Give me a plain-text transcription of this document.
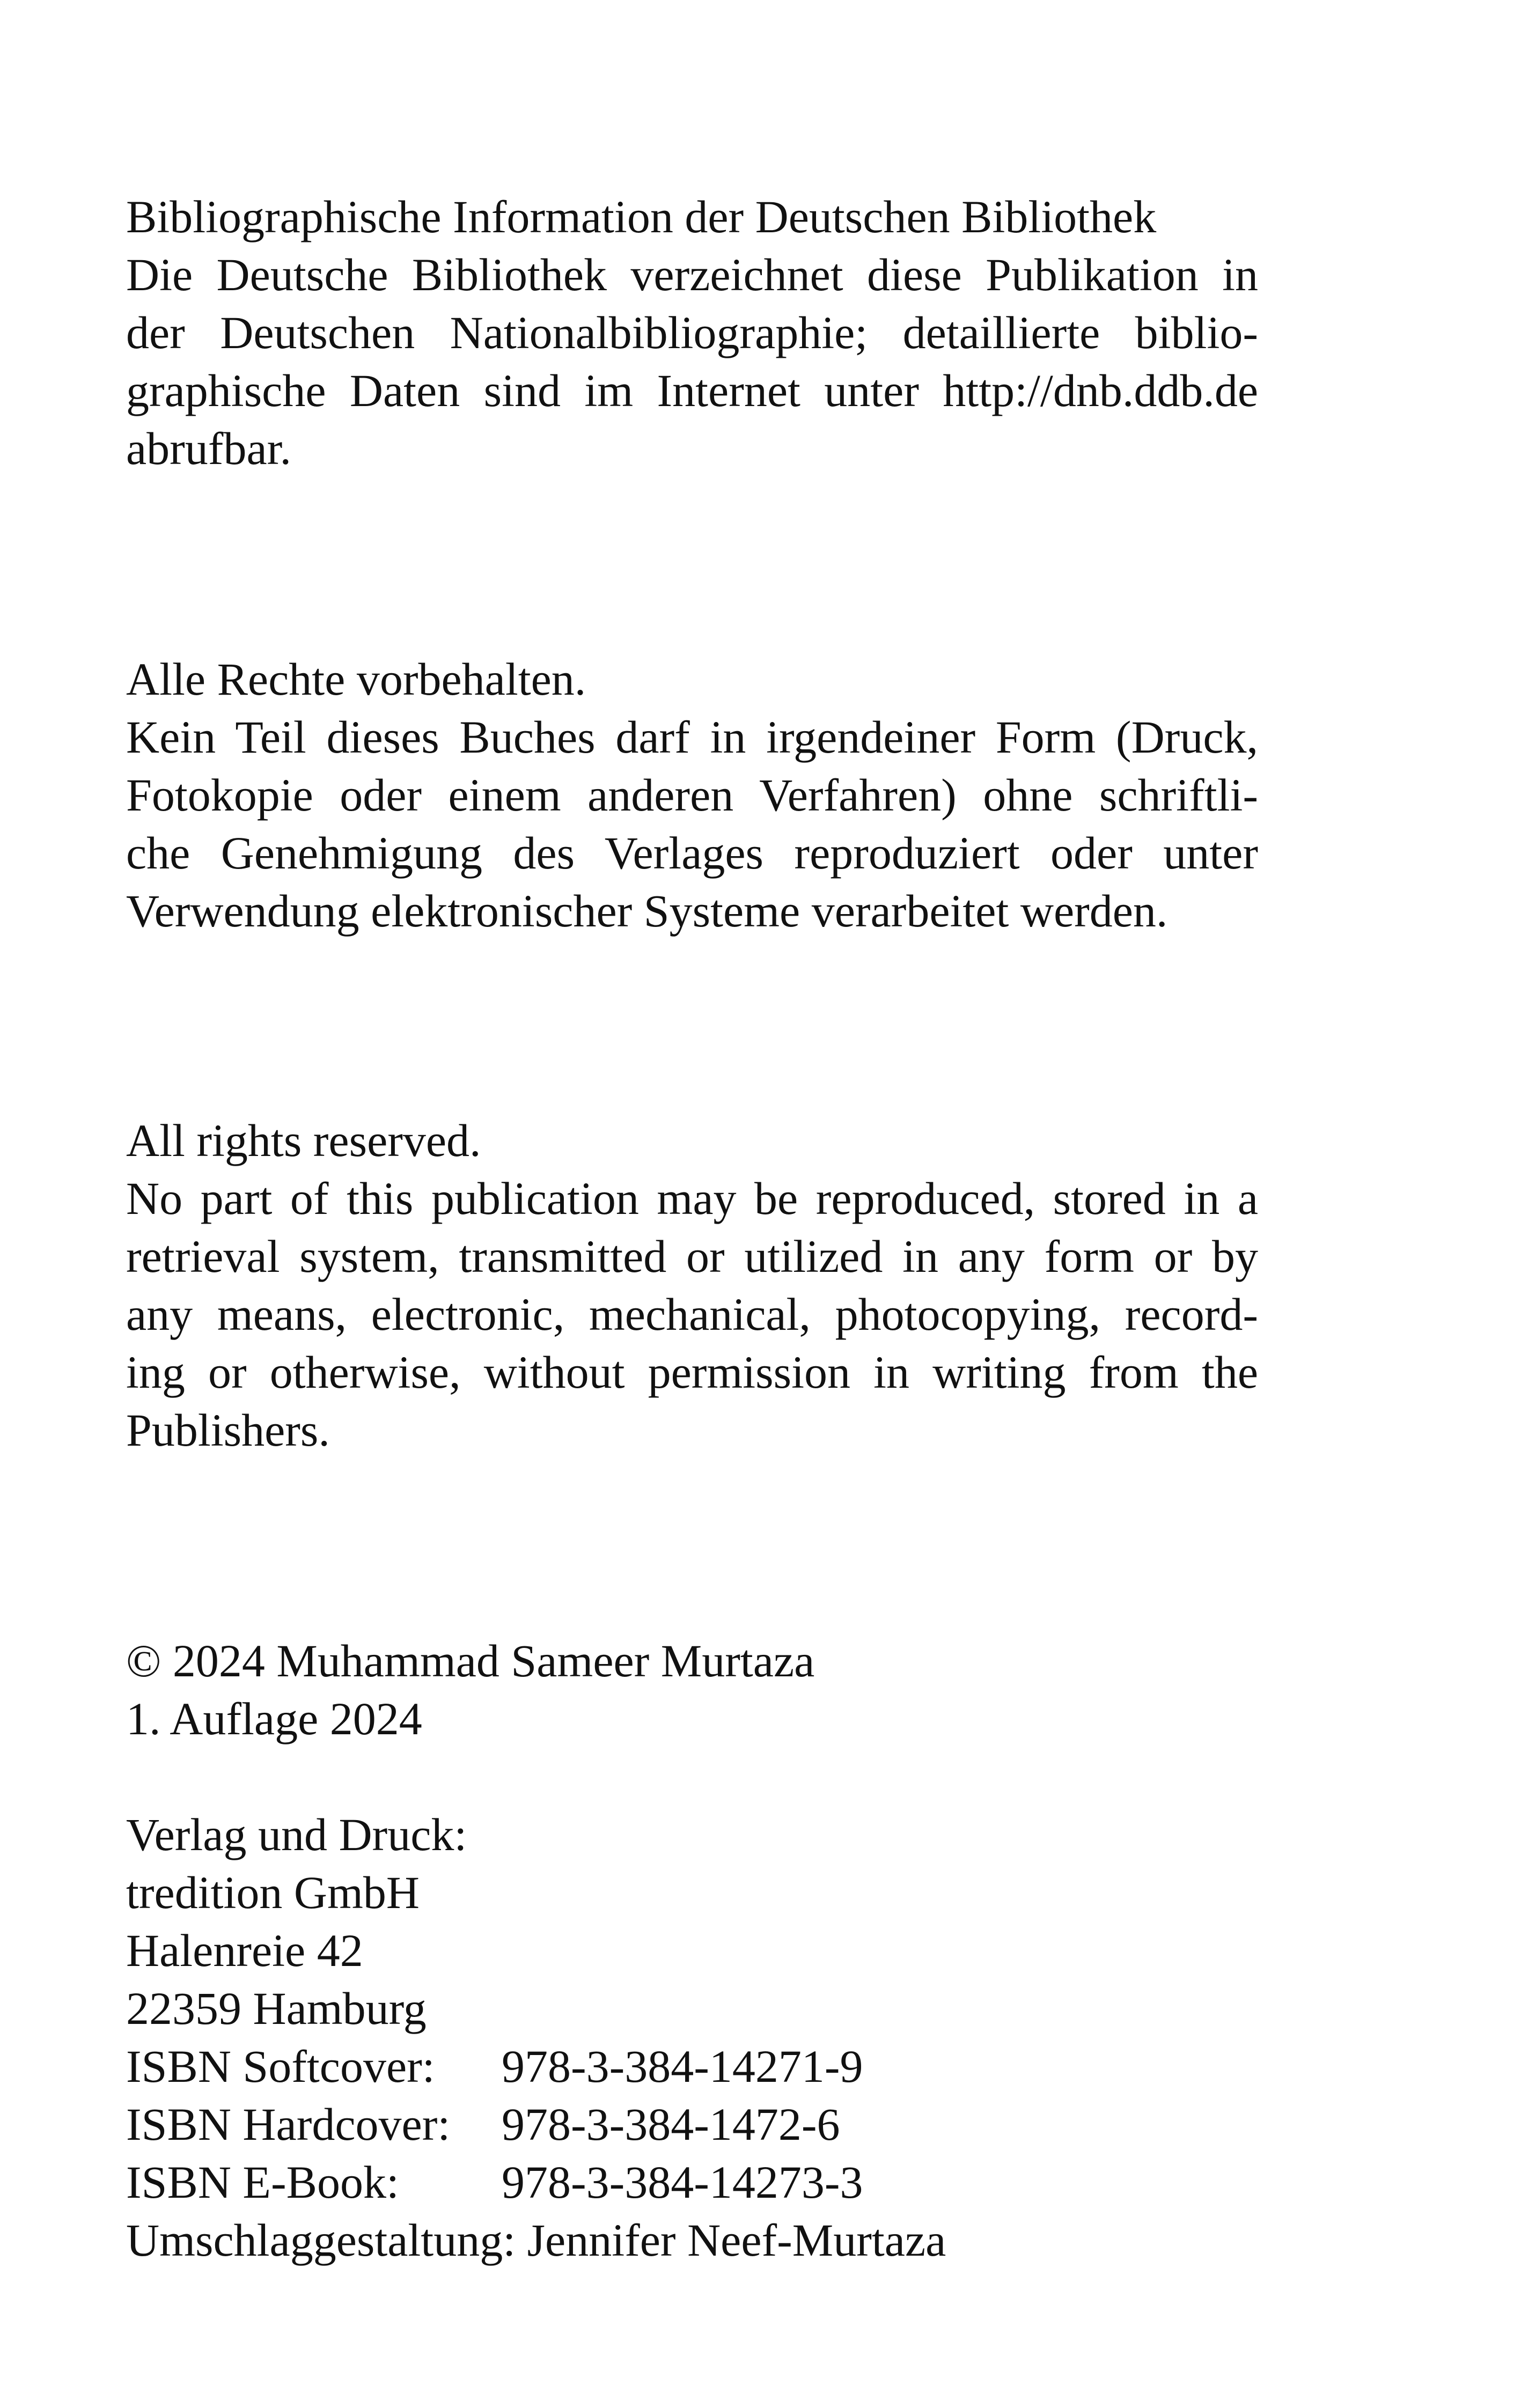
Bibliographische Information der Deutschen Bibliothek
Die Deutsche Bibliothek verzeichnet diese Publikation in
der Deutschen Nationalbibliographie; detaillierte biblio-
graphische Daten sind im Internet unter http://dnb.ddb.de
abrufbar.
Alle Rechte vorbehalten.
Kein Teil dieses Buches darf in irgendeiner Form (Druck,
Fotokopie oder einem anderen Verfahren) ohne schriftli-
che Genehmigung des Verlages reproduziert oder unter
Verwendung elektronischer Systeme verarbeitet werden.
All rights reserved.
No part of this publication may be reproduced, stored in a
retrieval system, transmitted or utilized in any form or by
any means, electronic, mechanical, photocopying, record-
ing or otherwise, without permission in writing from the
Publishers.
© 2024 Muhammad Sameer Murtaza
1. Auflage 2024
Verlag und Druck:
tredition GmbH
Halenreie 42
22359 Hamburg
ISBN Softcover: 978-3-384-14271-9
ISBN Hardcover: 978-3-384-1472-6
ISBN E-Book: 978-3-384-14273-3
Umschlaggestaltung: Jennifer Neef-Murtaza
